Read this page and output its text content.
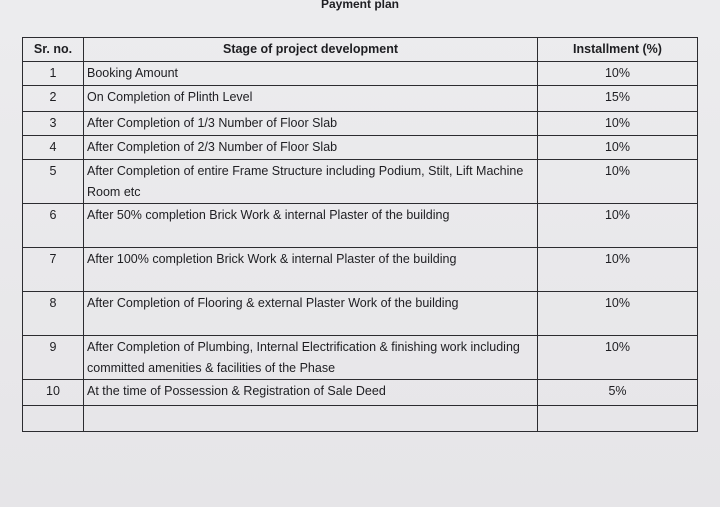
Payment plan
Sr. no.	Stage of project development	Installment (%)
1	Booking Amount	10%
2	On Completion of Plinth Level	15%
3	After Completion of 1/3 Number of Floor Slab	10%
4	After Completion of 2/3 Number of Floor Slab	10%
5	After Completion of entire Frame Structure including Podium, Stilt, Lift Machine Room etc	10%
6	After 50% completion Brick Work & internal Plaster of the building	10%
7	After 100% completion Brick Work & internal Plaster of the building	10%
8	After Completion of Flooring & external Plaster Work of the building	10%
9	After Completion of Plumbing, Internal Electrification & finishing work including committed amenities & facilities of the Phase	10%
10	At the time of Possession & Registration of Sale Deed	5%
